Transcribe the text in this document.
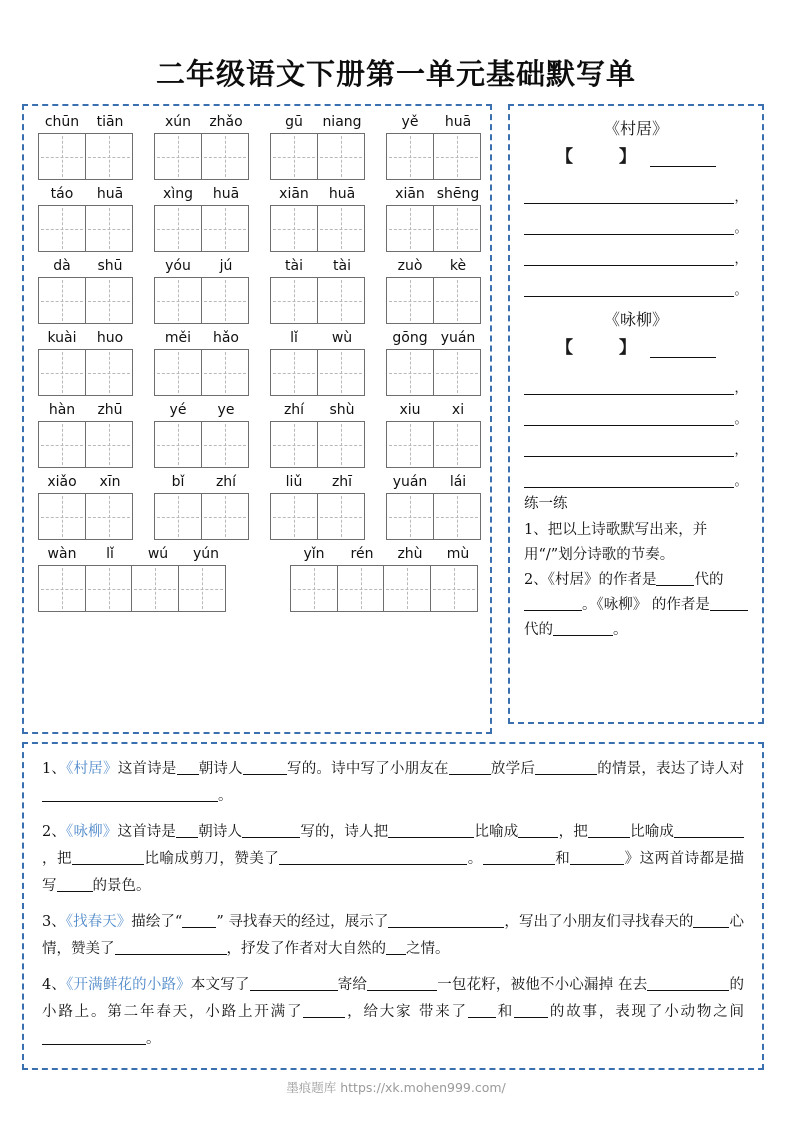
二年级语文下册第一单元基础默写单
chūn	tiān	xún	zhǎo	gū	niang	yě	huā
táo	huā	xìng	huā	xiān	huā	xiān shēng
dà	shū	yóu	jú	tài	tài	zuò	kè
kuài	huo	měi	hǎo	lǐ	wù	gōng yuán
hàn	zhū	yé	ye	zhí	shù	xiu	xi
xiǎo	xīn	bǐ	zhí	liǔ	zhī	yuán	lái
wàn	lǐ	wú	yún	yǐn	rén	zhù	mù
《村居》
【 】
，
。
，
。
《咏柳》
【 】
，
。
，
。
练一练

1、把以上诗歌默写出来，并用“/”划分诗歌的节奏。

2、《村居》的作者是	代的。《咏柳》 的作者是代的	。

1、《村居》这首诗是 朝诗人	写的。诗中写了小朋友在	放学后	的情景，表达了诗人对。
2、《咏柳》这首诗是 朝诗人	写的，诗人把	比喻成	，把	比喻成，把	比喻成剪刀，赞美了	。	和	》这两首诗都是描写 的景色。
3、《找春天》描绘了“ ” 寻找春天的经过，展示了	，写出了小朋友们寻找春天的 心情，赞美了	，抒发了作者对大自然的 之情。
4、《开满鲜花的小路》本文写了	寄给	一包花籽，被他不小心漏掉 在去	的小路上。第二年春天，小路上开满了	，给大家 带来了 和 的故事，表现了小动物之间。
墨痕题库 https://xk.mohen999.com/
